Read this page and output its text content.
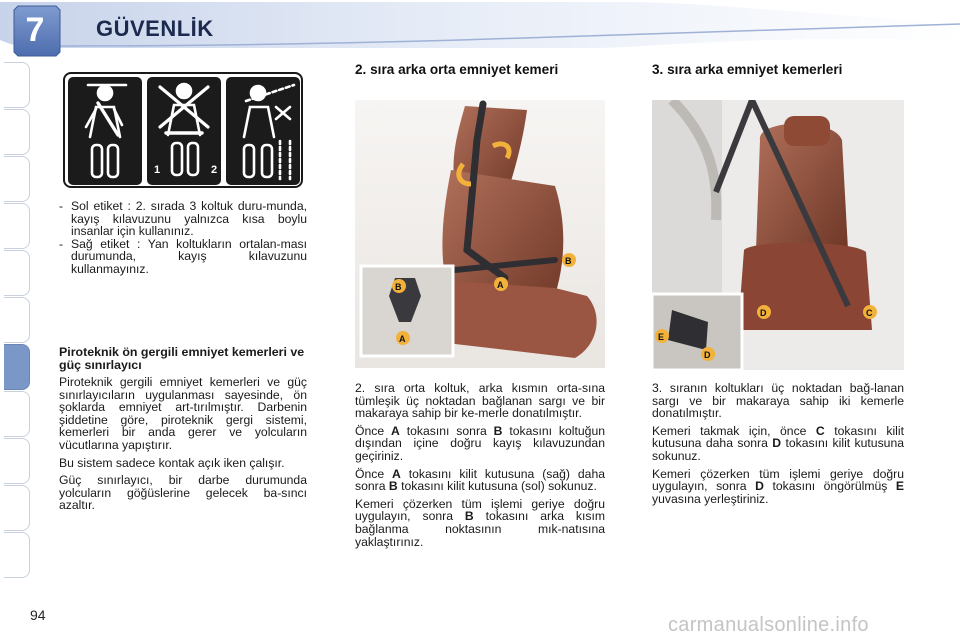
7	GÜVENLİK
1	2
- Sol etiket : 2. sırada 3 koltuk duru-munda, kayış kılavuzunu yalnızca kısa boylu insanlar için kullanınız.
- Sağ etiket : Yan koltukların ortalan-ması durumunda, kayış kılavuzunu kullanmayınız.
Piroteknik ön gergili emniyet kemerleri ve güç sınırlayıcı

Piroteknik gergili emniyet kemerleri ve güç sınırlayıcıların uygulanması sayesinde, ön şoklarda emniyet art-tırılmıştır. Darbenin şiddetine göre, piroteknik gergi sistemi, kemerleri bir anda gerer ve yolcuların vücutlarına yapıştırır.

Bu sistem sadece kontak açık iken çalışır.

Güç sınırlayıcı, bir darbe durumunda yolcuların göğüslerine gelecek ba-sıncı azaltır.

2. sıra arka orta emniyet kemeri
B
A
A
B

2. sıra orta koltuk, arka kısmın orta-sına tümleşik üç noktadan bağlanan sargı ve bir makaraya sahip bir ke-merle donatılmıştır.

Önce A tokasını sonra B tokasını koltuğun dışından içine doğru kayış kılavuzundan geçiriniz.

Önce A tokasını kilit kutusuna (sağ) daha sonra B tokasını kilit kutusuna (sol) sokunuz.

Kemeri çözerken tüm işlemi geriye doğru uygulayın, sonra B tokasını arka kısım bağlanma noktasının mık-natısına yaklaştırınız.

3. sıra arka emniyet kemerleri
E
D
D	C

3. sıranın koltukları üç noktadan bağ-lanan sargı ve bir makaraya sahip iki kemerle donatılmıştır.

Kemeri takmak için, önce C tokasını kilit kutusuna daha sonra D tokasını kilit kutusuna sokunuz.

Kemeri çözerken tüm işlemi geriye doğru uygulayın, sonra D tokasını öngörülmüş E yuvasına yerleştiriniz.

94	carmanualsonline.info
